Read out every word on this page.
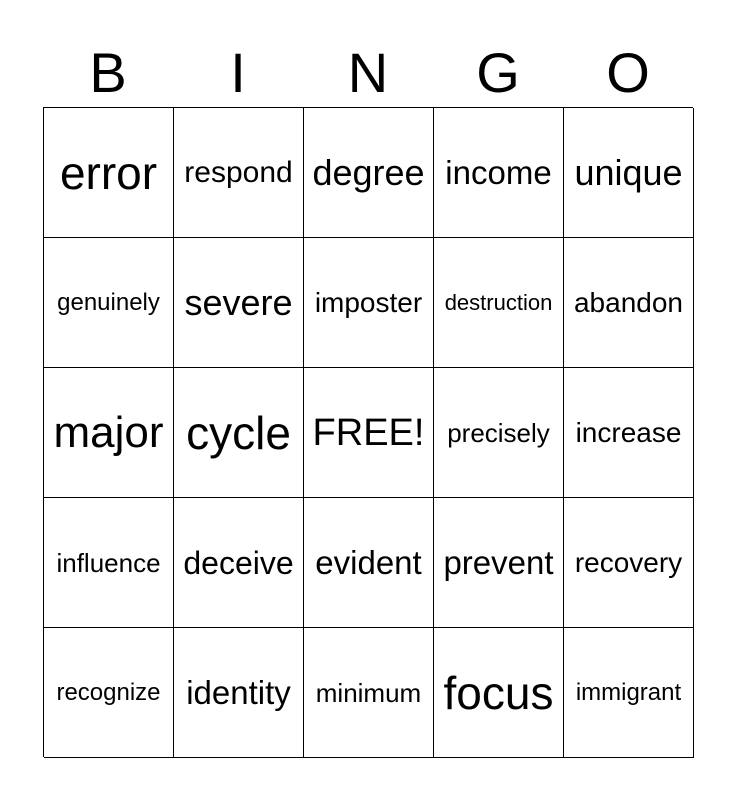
B	I	N	G	O
error respond degree income unique
genuinely severe imposter destruction abandon
major cycle FREE! precisely increase
influence deceive evident prevent recovery
recognize identity minimum focus immigrant
